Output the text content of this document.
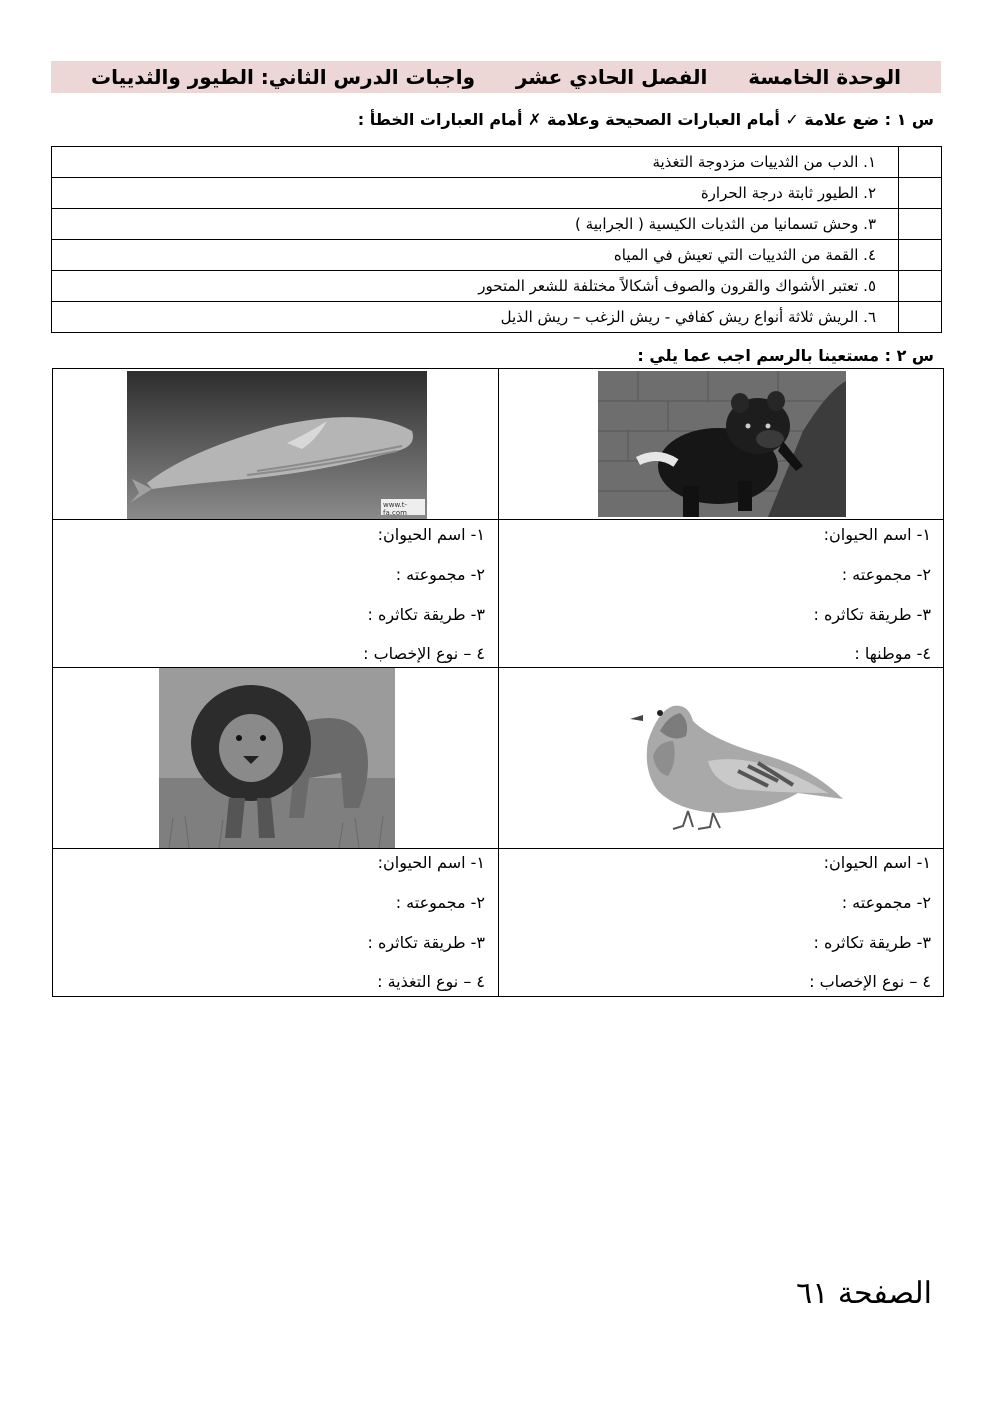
الوحدة الخامسة
الفصل الحادي عشر
واجبات الدرس الثاني: الطيور والثدييات
س ١ : ضع علامة ✓ أمام العبارات الصحيحة وعلامة ✗ أمام العبارات الخطأ :
	١. الدب من الثدييات مزدوجة التغذية
	٢. الطيور ثابتة درجة الحرارة
	٣. وحش تسمانيا من الثديات الكيسية ( الجرابية )
	٤. القمة من الثدييات التي تعيش في المياه
	٥. تعتبر الأشواك والقرون والصوف أشكالاً مختلفة للشعر المتحور
	٦. الريش ثلاثة أنواع ريش كفافي - ريش الزغب – ريش الذيل
س ٢ : مستعينا بالرسم اجب عما يلي :
www.t-fa.com
١- اسم الحيوان:
٢- مجموعته :
٣- طريقة تكاثره :
٤- موطنها :
١- اسم الحيوان:
٢- مجموعته :
٣- طريقة تكاثره :
٤ – نوع الإخصاب :
١- اسم الحيوان:
٢- مجموعته :
٣- طريقة تكاثره :
٤ – نوع الإخصاب :
١- اسم الحيوان:
٢- مجموعته :
٣- طريقة تكاثره :
٤ – نوع التغذية :
الصفحة ٦١
